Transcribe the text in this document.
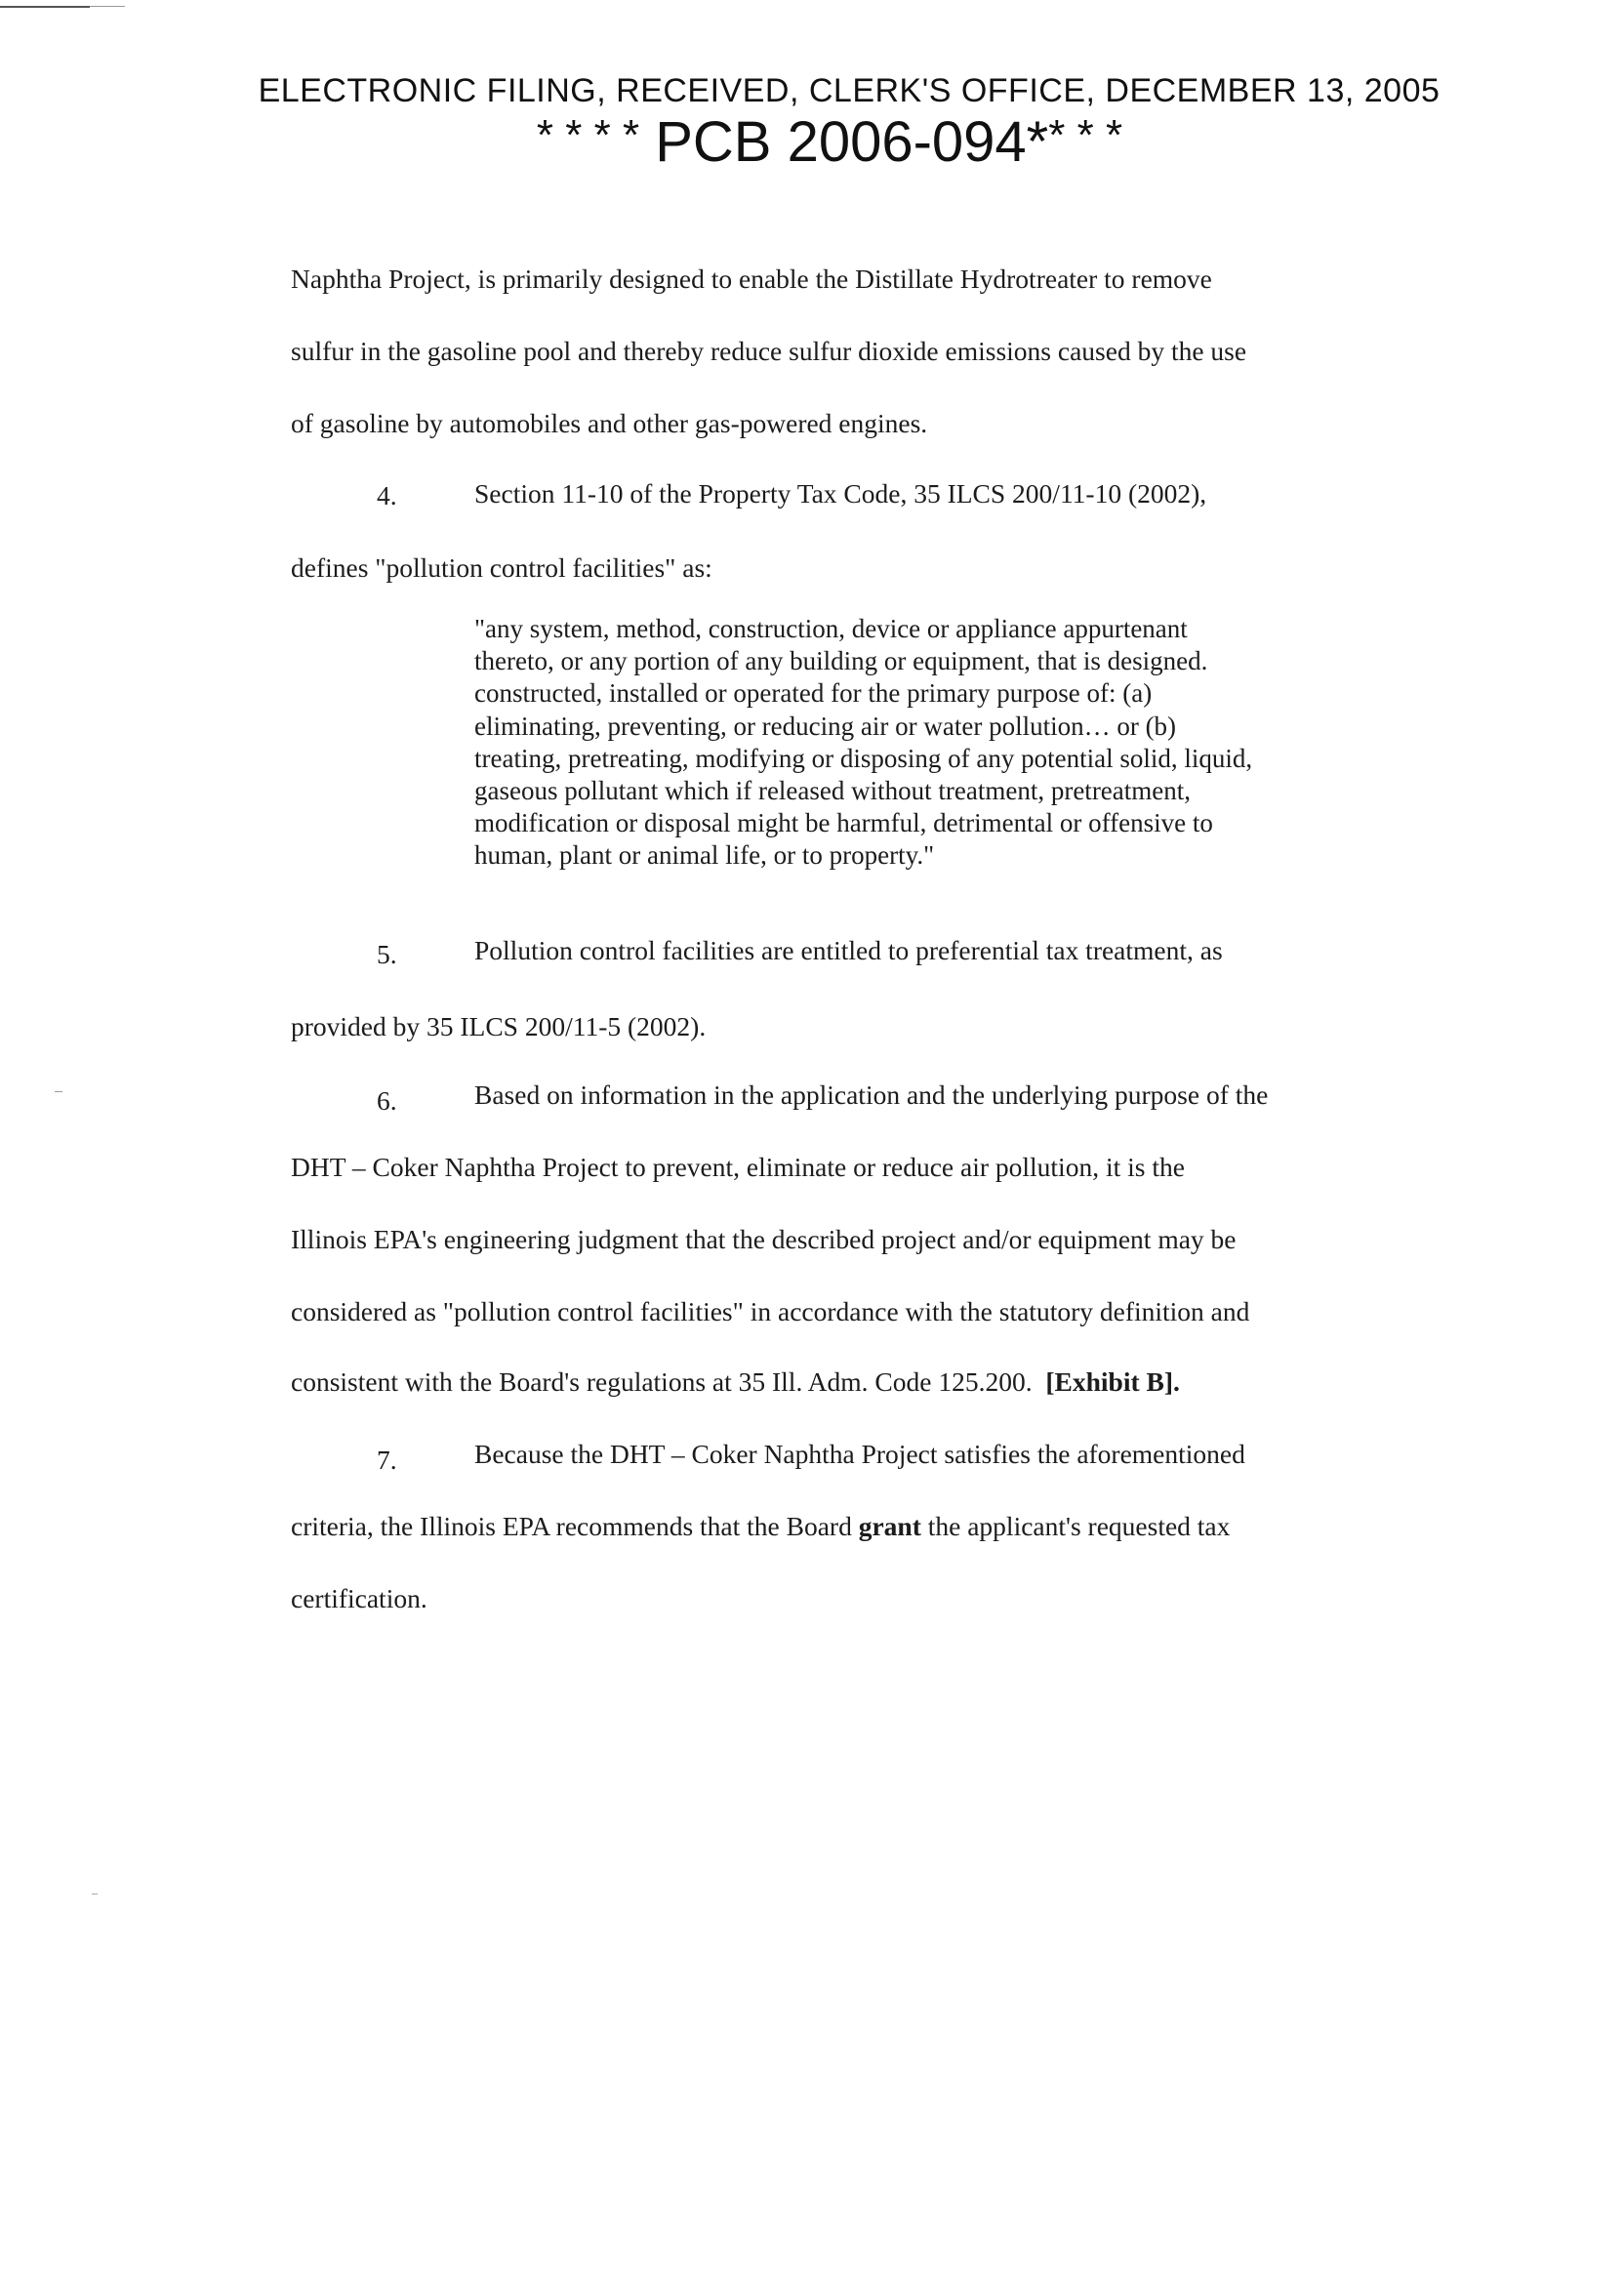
ELECTRONIC FILING, RECEIVED, CLERK'S OFFICE, DECEMBER 13, 2005
* * * * PCB 2006-094** * *
Naphtha Project, is primarily designed to enable the Distillate Hydrotreater to remove
sulfur in the gasoline pool and thereby reduce sulfur dioxide emissions caused by the use
of gasoline by automobiles and other gas-powered engines.
4.	Section 11-10 of the Property Tax Code, 35 ILCS 200/11-10 (2002),
defines "pollution control facilities" as:
"any system, method, construction, device or appliance appurtenant
thereto, or any portion of any building or equipment, that is designed.
constructed, installed or operated for the primary purpose of: (a)
eliminating, preventing, or reducing air or water pollution… or (b)
treating, pretreating, modifying or disposing of any potential solid, liquid,
gaseous pollutant which if released without treatment, pretreatment,
modification or disposal might be harmful, detrimental or offensive to
human, plant or animal life, or to property."
5.	Pollution control facilities are entitled to preferential tax treatment, as
provided by 35 ILCS 200/11-5 (2002).
6.	Based on information in the application and the underlying purpose of the
DHT – Coker Naphtha Project to prevent, eliminate or reduce air pollution, it is the
Illinois EPA's engineering judgment that the described project and/or equipment may be
considered as "pollution control facilities" in accordance with the statutory definition and
consistent with the Board's regulations at 35 Ill. Adm. Code 125.200. [Exhibit B].
7.	Because the DHT – Coker Naphtha Project satisfies the aforementioned
criteria, the Illinois EPA recommends that the Board grant the applicant's requested tax
certification.
